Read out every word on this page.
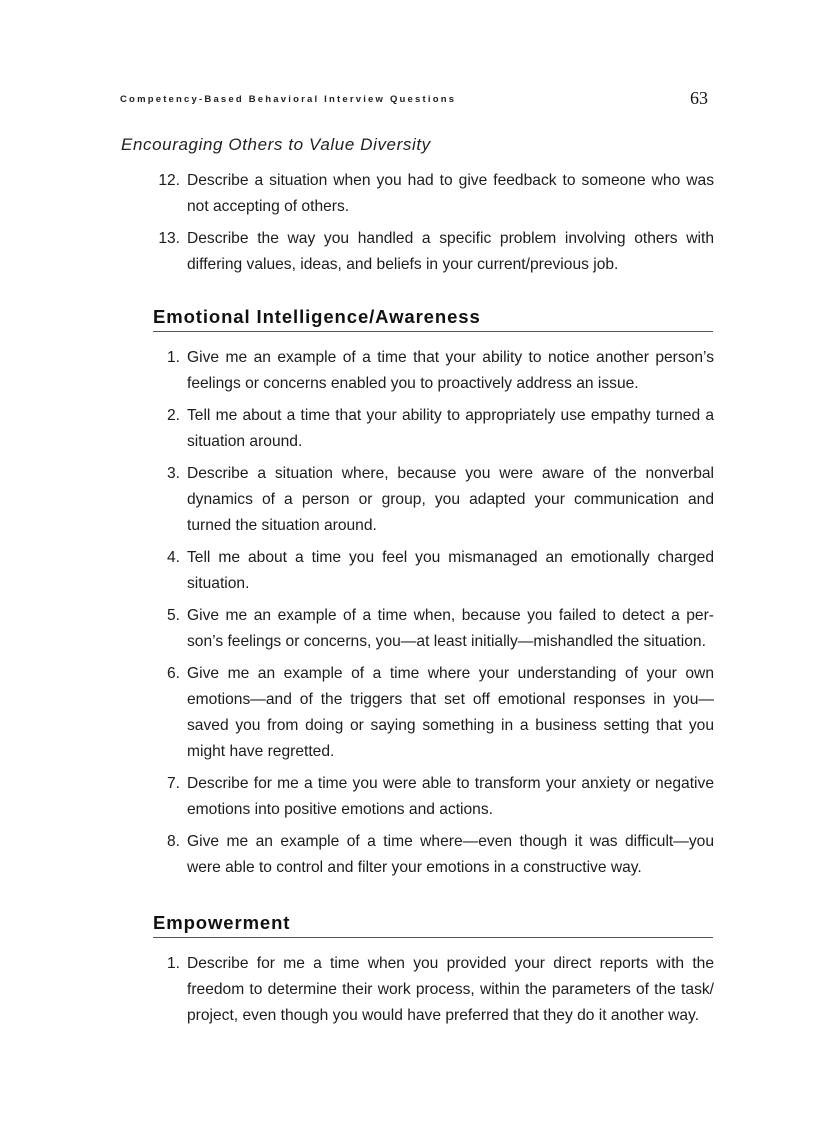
Competency-Based Behavioral Interview Questions	63
Encouraging Others to Value Diversity
12. Describe a situation when you had to give feedback to someone who was not accepting of others.
13. Describe the way you handled a specific problem involving others with differing values, ideas, and beliefs in your current/previous job.
Emotional Intelligence/Awareness
1. Give me an example of a time that your ability to notice another person’s feelings or concerns enabled you to proactively address an issue.
2. Tell me about a time that your ability to appropriately use empathy turned a situation around.
3. Describe a situation where, because you were aware of the nonverbal dynamics of a person or group, you adapted your communication and turned the situation around.
4. Tell me about a time you feel you mismanaged an emotionally charged situation.
5. Give me an example of a time when, because you failed to detect a per-son’s feelings or concerns, you—at least initially—mishandled the situation.
6. Give me an example of a time where your understanding of your own emotions—and of the triggers that set off emotional responses in you—saved you from doing or saying something in a business setting that you might have regretted.
7. Describe for me a time you were able to transform your anxiety or negative emotions into positive emotions and actions.
8. Give me an example of a time where—even though it was difficult—you were able to control and filter your emotions in a constructive way.
Empowerment
1. Describe for me a time when you provided your direct reports with the freedom to determine their work process, within the parameters of the task/ project, even though you would have preferred that they do it another way.
